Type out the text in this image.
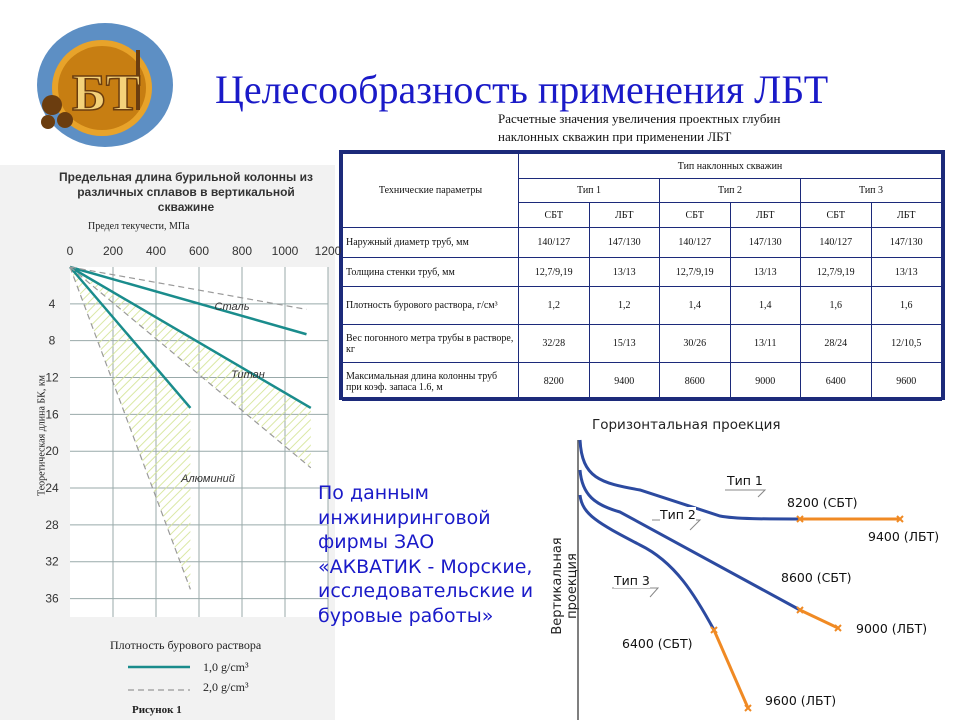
БТ Целесообразность применения ЛБТ
Расчетные значения увеличения проектных глубин
наклонных скважин при применении ЛБТ
Технические параметры	Тип наклонных скважин					
	Тип 1		Тип 2		Тип 3	
	СБТ	ЛБТ	СБТ	ЛБТ	СБТ	ЛБТ
Наружный диаметр труб, мм	140/127	147/130	140/127	147/130	140/127	147/130
Толщина стенки труб, мм	12,7/9,19	13/13	12,7/9,19	13/13	12,7/9,19	13/13
Плотность бурового раствора, г/см³	1,2	1,2	1,4	1,4	1,6	1,6
Вес погонного метра трубы в растворе, кг	32/28	15/13	30/26	13/11	28/24	12/10,5
Максимальная длина колонны труб при коэф. запаса 1.6, м	8200	9400	8600	9000	6400	9600
0 200 400 600 800 1000 1200
4
8
12
16
20
24
28
32
36
Сталь
Титан
Алюминий
Предельная длина бурильной колонны из различных сплавов в вертикальной скважине
Предел текучести, МПа
Теоретическая длина БК, км
Плотность бурового раствора
1,0 g/cm³
2,0 g/cm³
Рисунок 1
По данным инжиниринговой фирмы ЗАО «АКВАТИК - Морские, исследовательские и буровые работы»
Горизонтальная проекция
Вертикальная проекция
Тип 1
Тип 2
Тип 3
8200 (СБТ)
9400 (ЛБТ)
8600 (СБТ)
9000 (ЛБТ)
6400 (СБТ)
9600 (ЛБТ)
